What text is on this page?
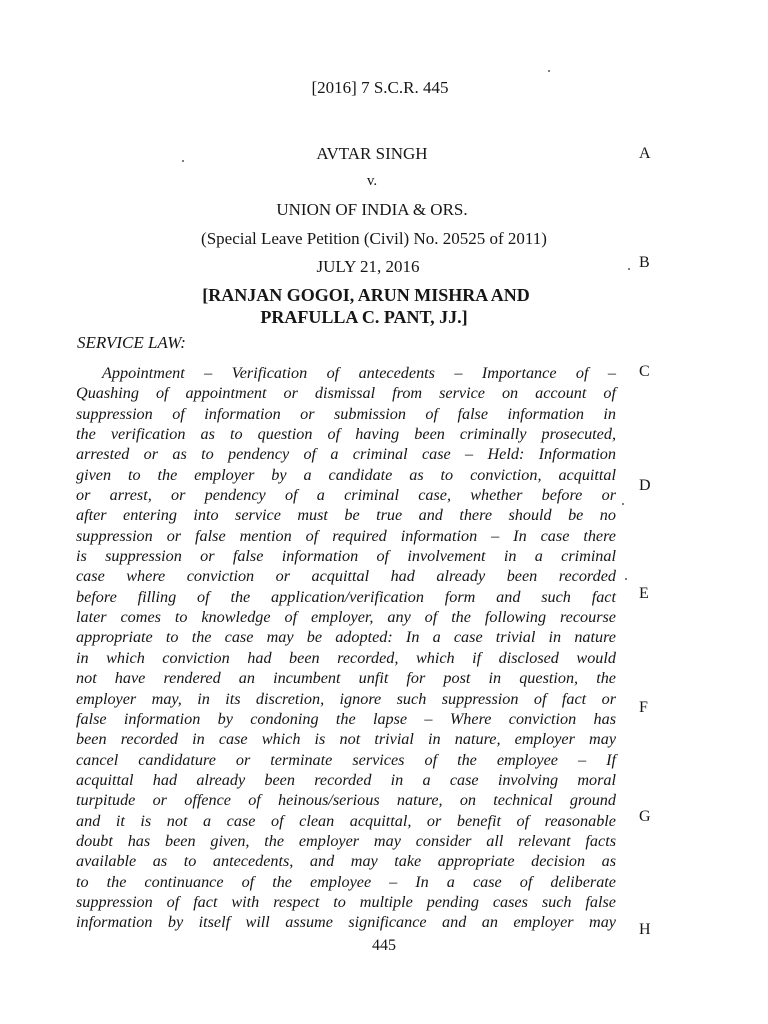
[2016] 7 S.C.R. 445
AVTAR SINGH
v.
UNION OF INDIA & ORS.
(Special Leave Petition (Civil) No. 20525 of 2011)
JULY 21, 2016
[RANJAN GOGOI, ARUN MISHRA AND
PRAFULLA C. PANT, JJ.]
SERVICE LAW:
Appointment – Verification of antecedents – Importance of –
Quashing of appointment or dismissal from service on account of
suppression of information or submission of false information in
the verification as to question of having been criminally prosecuted,
arrested or as to pendency of a criminal case – Held: Information
given to the employer by a candidate as to conviction, acquittal
or arrest, or pendency of a criminal case, whether before or
after entering into service must be true and there should be no
suppression or false mention of required information – In case there
is suppression or false information of involvement in a criminal
case where conviction or acquittal had already been recorded
before filling of the application/verification form and such fact
later comes to knowledge of employer, any of the following recourse
appropriate to the case may be adopted: In a case trivial in nature
in which conviction had been recorded, which if disclosed would
not have rendered an incumbent unfit for post in question, the
employer may, in its discretion, ignore such suppression of fact or
false information by condoning the lapse – Where conviction has
been recorded in case which is not trivial in nature, employer may
cancel candidature or terminate services of the employee – If
acquittal had already been recorded in a case involving moral
turpitude or offence of heinous/serious nature, on technical ground
and it is not a case of clean acquittal, or benefit of reasonable
doubt has been given, the employer may consider all relevant facts
available as to antecedents, and may take appropriate decision as
to the continuance of the employee – In a case of deliberate
suppression of fact with respect to multiple pending cases such false
information by itself will assume significance and an employer may
A
B
C
D
E
F
G
H
445
